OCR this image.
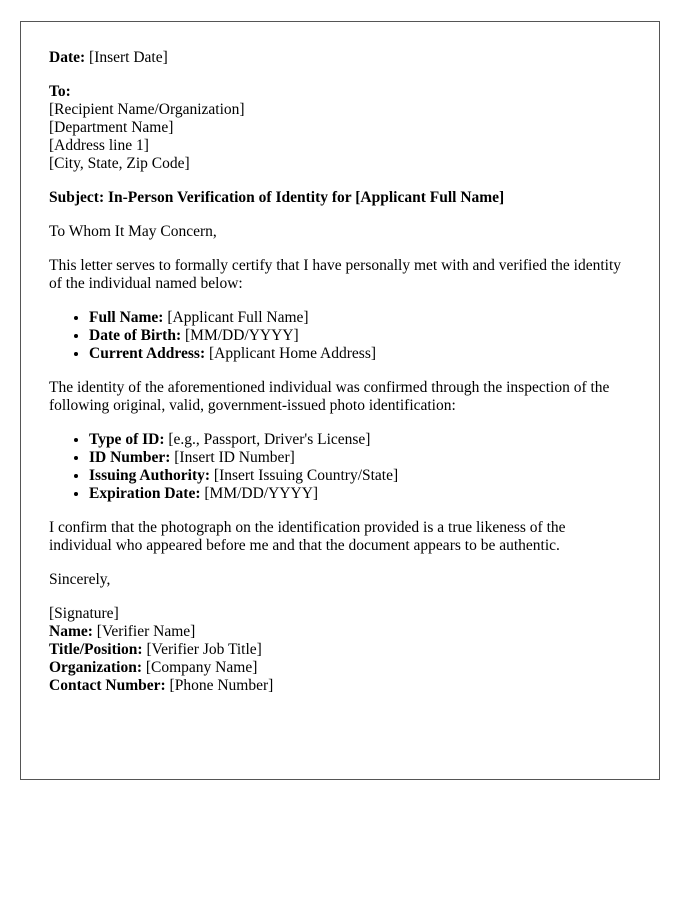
Date: [Insert Date]
To:
[Recipient Name/Organization]
[Department Name]
[Address line 1]
[City, State, Zip Code]

Subject: In-Person Verification of Identity for [Applicant Full Name]

To Whom It May Concern,

This letter serves to formally certify that I have personally met with and verified the identity of the individual named below:

• Full Name: [Applicant Full Name]
• Date of Birth: [MM/DD/YYYY]
• Current Address: [Applicant Home Address]

The identity of the aforementioned individual was confirmed through the inspection of the following original, valid, government-issued photo identification:

• Type of ID: [e.g., Passport, Driver's License]
• ID Number: [Insert ID Number]
• Issuing Authority: [Insert Issuing Country/State]
• Expiration Date: [MM/DD/YYYY]

I confirm that the photograph on the identification provided is a true likeness of the individual who appeared before me and that the document appears to be authentic.

Sincerely,

[Signature]
Name: [Verifier Name]
Title/Position: [Verifier Job Title]
Organization: [Company Name]
Contact Number: [Phone Number]
